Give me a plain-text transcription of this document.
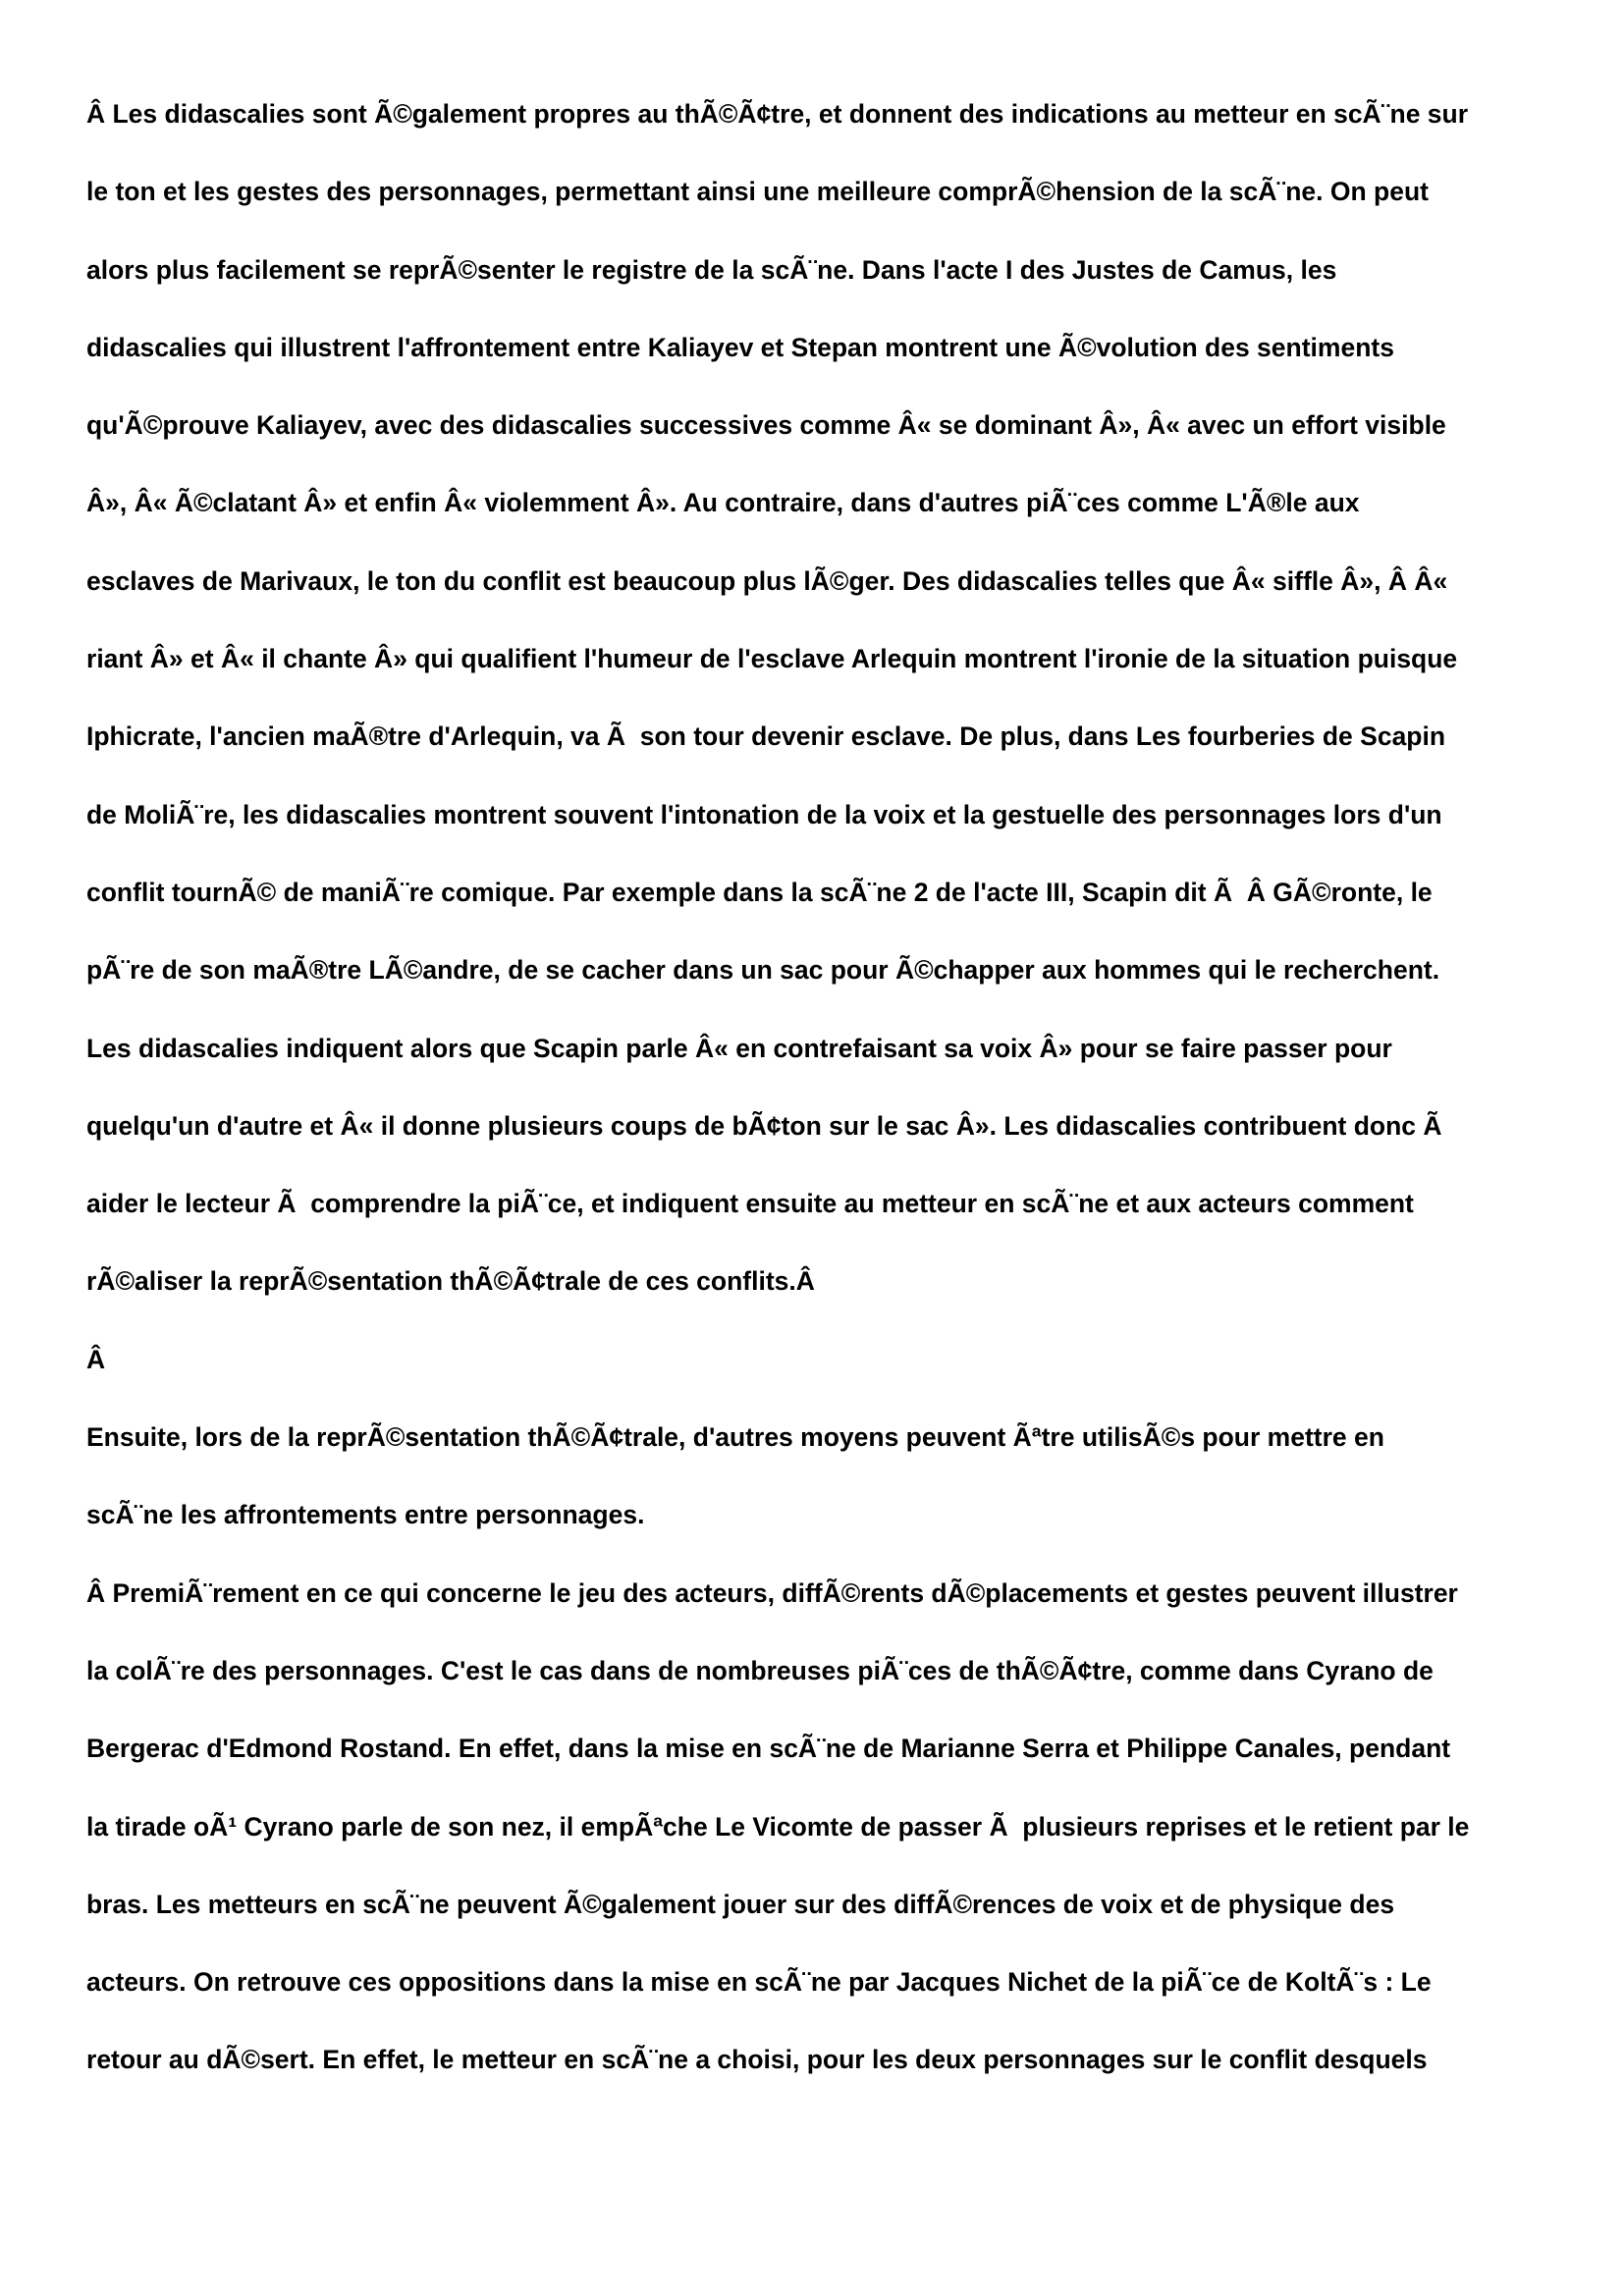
Â Les didascalies sont Ã©galement propres au thÃ©Ã¢tre, et donnent des indications au metteur en scÃ¨ne sur
le ton et les gestes des personnages, permettant ainsi une meilleure comprÃ©hension de la scÃ¨ne. On peut
alors plus facilement se reprÃ©senter le registre de la scÃ¨ne. Dans l'acte I des Justes de Camus, les
didascalies qui illustrent l'affrontement entre Kaliayev et Stepan montrent une Ã©volution des sentiments
qu'Ã©prouve Kaliayev, avec des didascalies successives comme Â« se dominant Â», Â« avec un effort visible
Â», Â« Ã©clatant Â» et enfin Â« violemment Â». Au contraire, dans d'autres piÃ¨ces comme L'Ã®le aux
esclaves de Marivaux, le ton du conflit est beaucoup plus lÃ©ger. Des didascalies telles que Â« siffle Â», Â Â«
riant Â» et Â« il chante Â» qui qualifient l'humeur de l'esclave Arlequin montrent l'ironie de la situation puisque
Iphicrate, l'ancien maÃ®tre d'Arlequin, va Ã  son tour devenir esclave. De plus, dans Les fourberies de Scapin
de MoliÃ¨re, les didascalies montrent souvent l'intonation de la voix et la gestuelle des personnages lors d'un
conflit tournÃ© de maniÃ¨re comique. Par exemple dans la scÃ¨ne 2 de l'acte III, Scapin dit Ã  Â GÃ©ronte, le
pÃ¨re de son maÃ®tre LÃ©andre, de se cacher dans un sac pour Ã©chapper aux hommes qui le recherchent.
Les didascalies indiquent alors que Scapin parle Â« en contrefaisant sa voix Â» pour se faire passer pour
quelqu'un d'autre et Â« il donne plusieurs coups de bÃ¢ton sur le sac Â». Les didascalies contribuent donc Ã
aider le lecteur Ã  comprendre la piÃ¨ce, et indiquent ensuite au metteur en scÃ¨ne et aux acteurs comment
rÃ©aliser la reprÃ©sentation thÃ©Ã¢trale de ces conflits.Â
Â
Ensuite, lors de la reprÃ©sentation thÃ©Ã¢trale, d'autres moyens peuvent Ãªtre utilisÃ©s pour mettre en
scÃ¨ne les affrontements entre personnages.
Â PremiÃ¨rement en ce qui concerne le jeu des acteurs, diffÃ©rents dÃ©placements et gestes peuvent illustrer
la colÃ¨re des personnages. C'est le cas dans de nombreuses piÃ¨ces de thÃ©Ã¢tre, comme dans Cyrano de
Bergerac d'Edmond Rostand. En effet, dans la mise en scÃ¨ne de Marianne Serra et Philippe Canales, pendant
la tirade oÃ¹ Cyrano parle de son nez, il empÃªche Le Vicomte de passer Ã  plusieurs reprises et le retient par le
bras. Les metteurs en scÃ¨ne peuvent Ã©galement jouer sur des diffÃ©rences de voix et de physique des
acteurs. On retrouve ces oppositions dans la mise en scÃ¨ne par Jacques Nichet de la piÃ¨ce de KoltÃ¨s : Le
retour au dÃ©sert. En effet, le metteur en scÃ¨ne a choisi, pour les deux personnages sur le conflit desquels
